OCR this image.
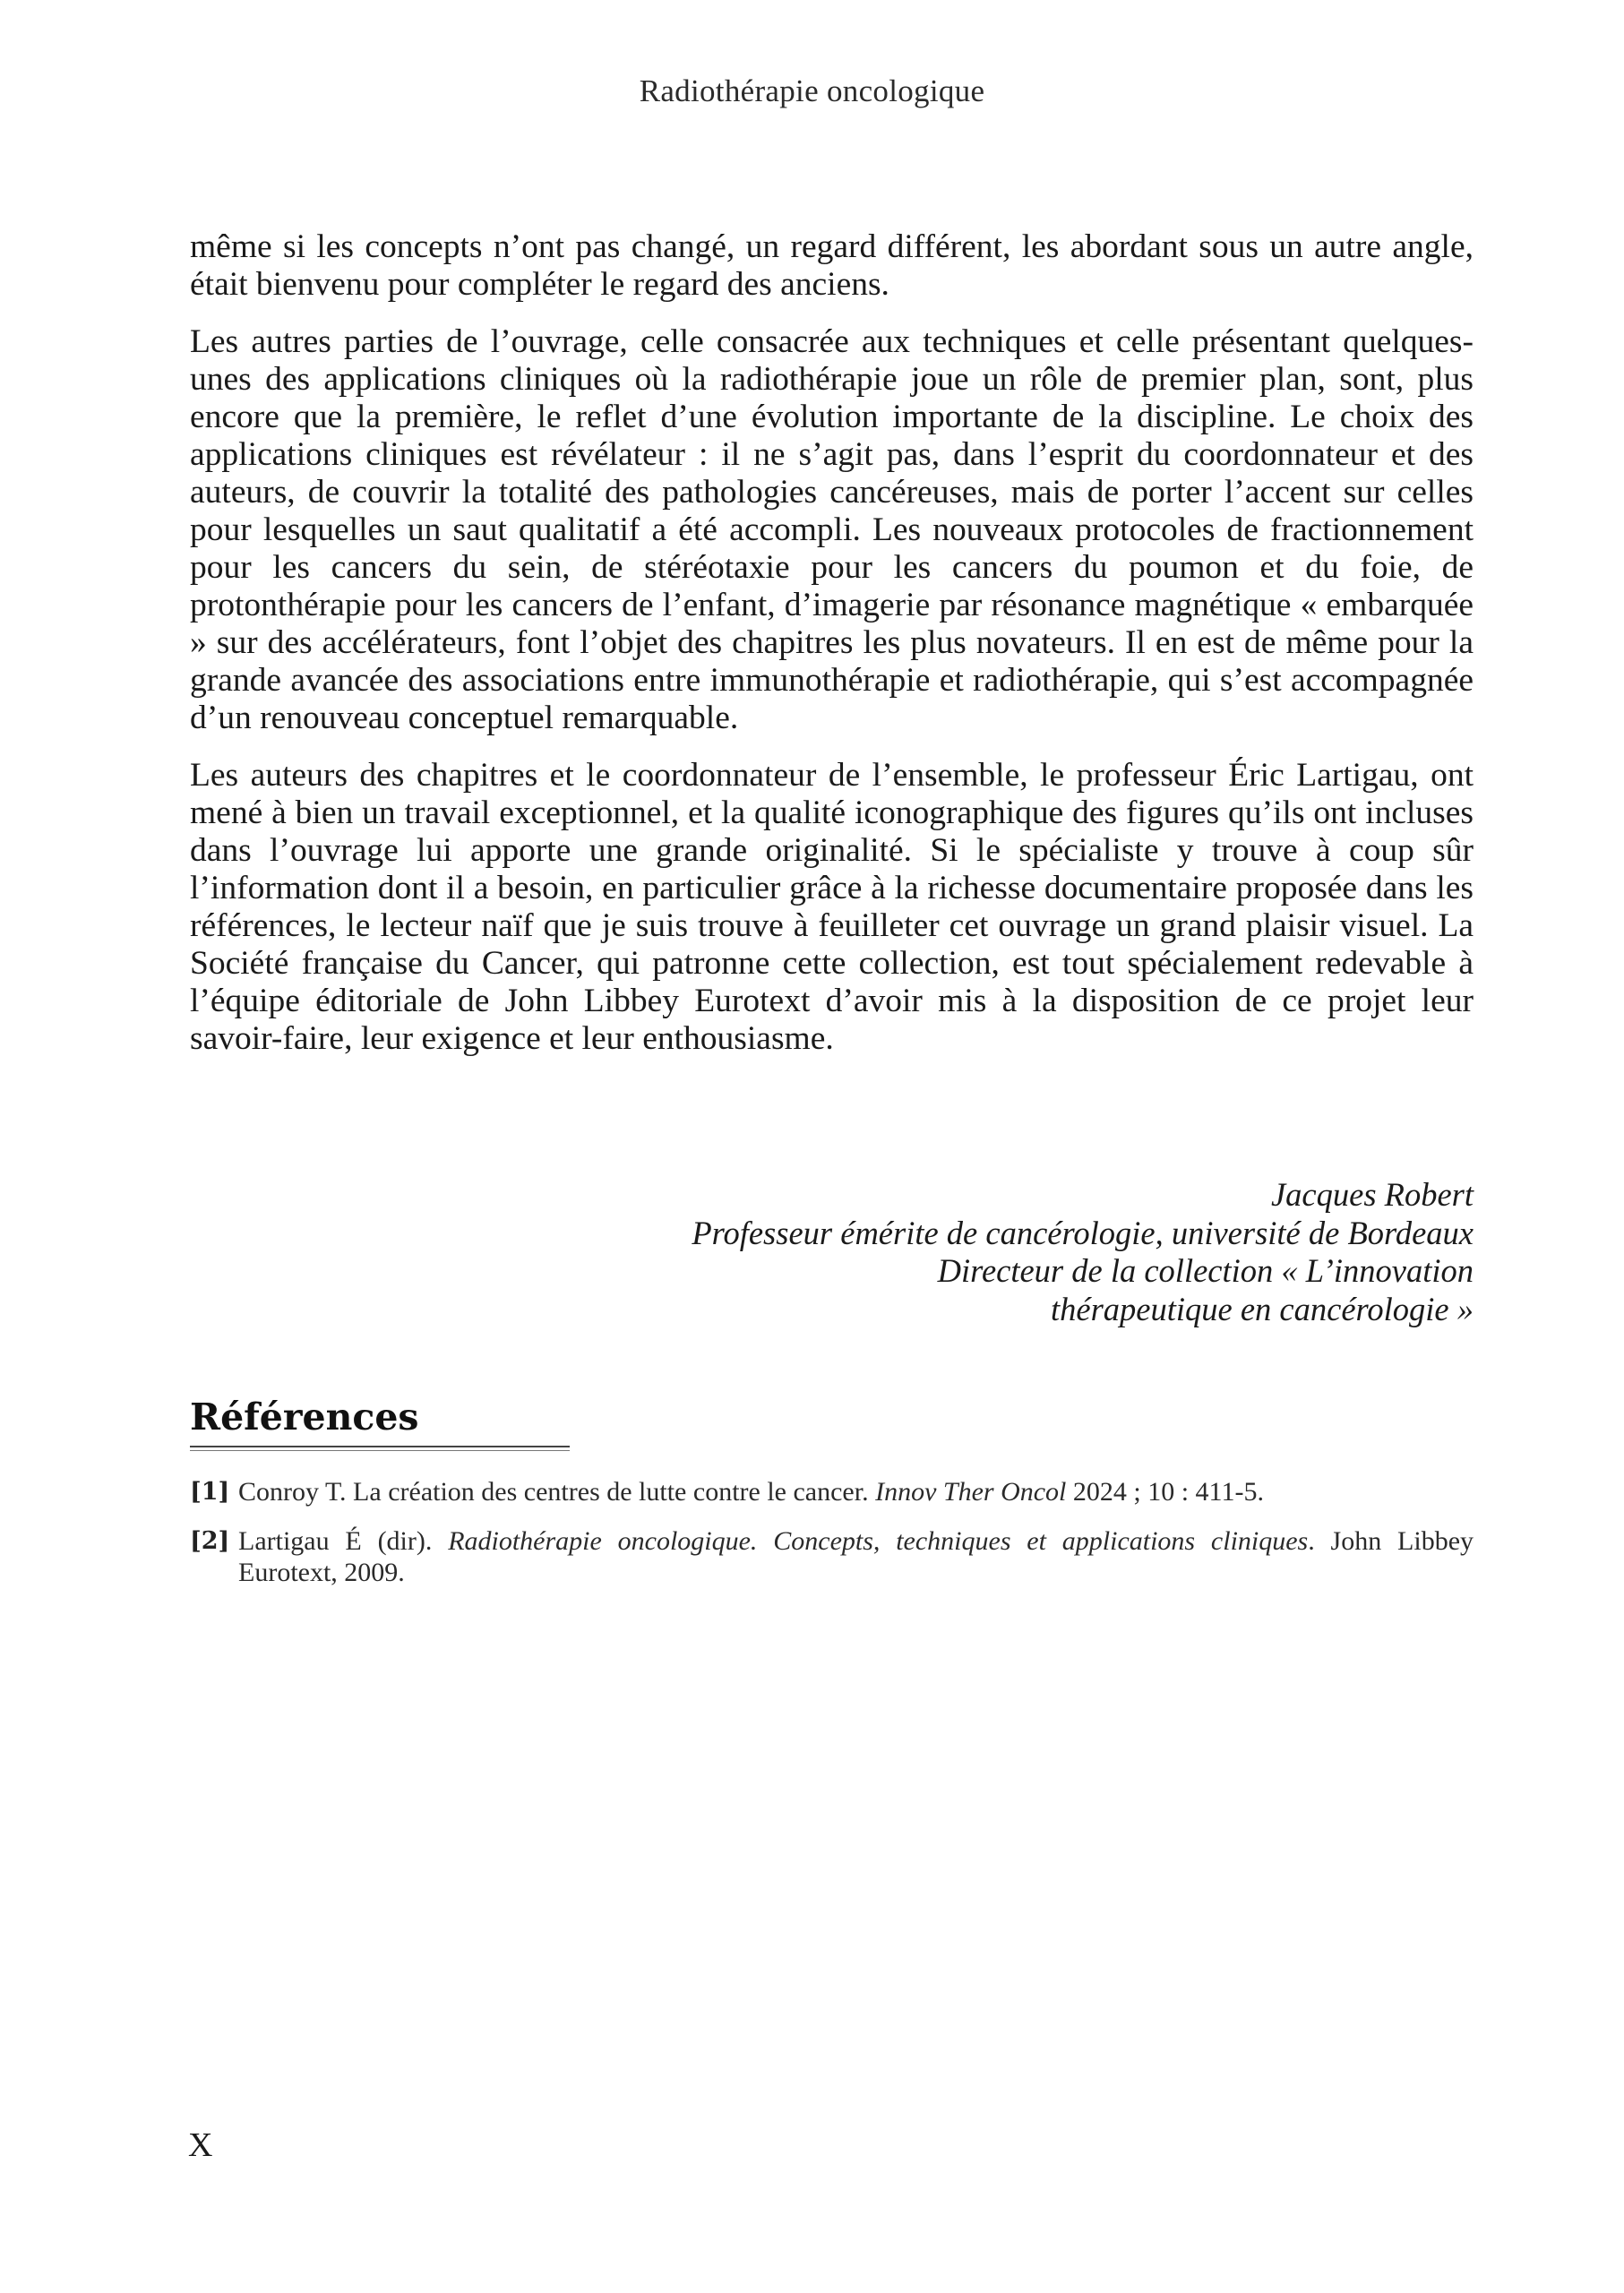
Radiothérapie oncologique

même si les concepts n’ont pas changé, un regard différent, les abordant sous un autre angle, était bienvenu pour compléter le regard des anciens.

Les autres parties de l’ouvrage, celle consacrée aux techniques et celle présentant quelques-unes des applications cliniques où la radiothérapie joue un rôle de premier plan, sont, plus encore que la première, le reflet d’une évolution importante de la discipline. Le choix des applications cliniques est révélateur : il ne s’agit pas, dans l’esprit du coordonnateur et des auteurs, de couvrir la totalité des pathologies cancéreuses, mais de porter l’accent sur celles pour lesquelles un saut qualitatif a été accompli. Les nouveaux protocoles de fractionnement pour les cancers du sein, de stéréotaxie pour les cancers du poumon et du foie, de protonthérapie pour les cancers de l’enfant, d’imagerie par résonance magnétique « embarquée » sur des accélérateurs, font l’objet des chapitres les plus novateurs. Il en est de même pour la grande avancée des associations entre immunothérapie et radiothérapie, qui s’est accompagnée d’un renouveau conceptuel remarquable.

Les auteurs des chapitres et le coordonnateur de l’ensemble, le professeur Éric Lartigau, ont mené à bien un travail exceptionnel, et la qualité iconographique des figures qu’ils ont incluses dans l’ouvrage lui apporte une grande originalité. Si le spécialiste y trouve à coup sûr l’information dont il a besoin, en particulier grâce à la richesse documentaire proposée dans les références, le lecteur naïf que je suis trouve à feuilleter cet ouvrage un grand plaisir visuel. La Société française du Cancer, qui patronne cette collection, est tout spécialement redevable à l’équipe éditoriale de John Libbey Eurotext d’avoir mis à la disposition de ce projet leur savoir-faire, leur exigence et leur enthousiasme.

Jacques Robert
Professeur émérite de cancérologie, université de Bordeaux
Directeur de la collection « L’innovation
thérapeutique en cancérologie »
Références
[1] Conroy T. La création des centres de lutte contre le cancer. Innov Ther Oncol 2024 ; 10 : 411-5.
[2] Lartigau É (dir). Radiothérapie oncologique. Concepts, techniques et applications cliniques. John Libbey Eurotext, 2009.
X
